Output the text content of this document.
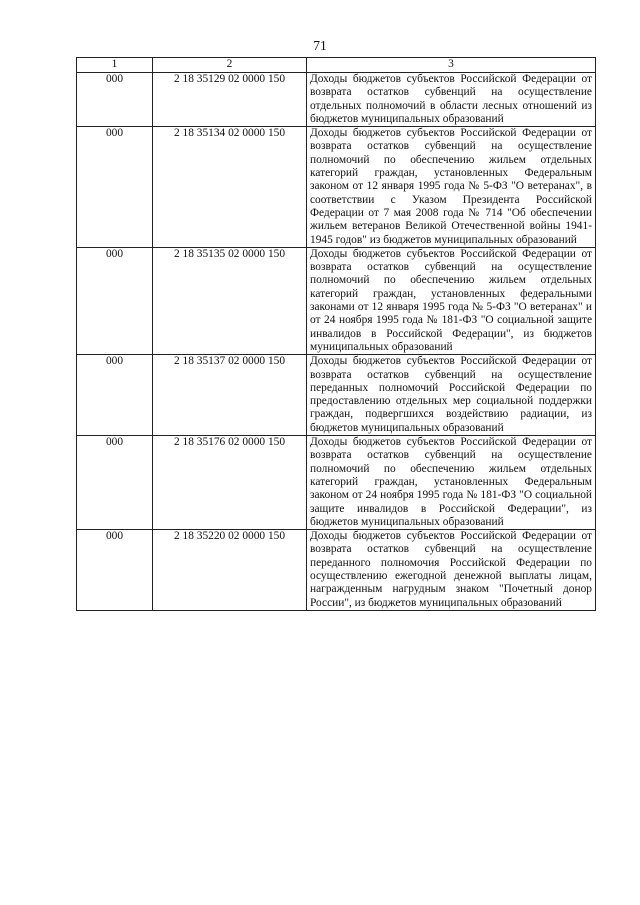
71
1	2	3
000	2 18 35129 02 0000 150	Доходы бюджетов субъектов Российской Федерации от возврата остатков субвенций на осуществление отдельных полномочий в области лесных отношений из бюджетов муниципальных образований
000	2 18 35134 02 0000 150	Доходы бюджетов субъектов Российской Федерации от возврата остатков субвенций на осуществление полномочий по обеспечению жильем отдельных категорий граждан, установленных Федеральным законом от 12 января 1995 года № 5-ФЗ "О ветеранах", в соответствии с Указом Президента Российской Федерации от 7 мая 2008 года № 714 "Об обеспечении жильем ветеранов Великой Отечественной войны 1941-1945 годов" из бюджетов муниципальных образований
000	2 18 35135 02 0000 150	Доходы бюджетов субъектов Российской Федерации от возврата остатков субвенций на осуществление полномочий по обеспечению жильем отдельных категорий граждан, установленных федеральными законами от 12 января 1995 года № 5-ФЗ "О ветеранах" и от 24 ноября 1995 года № 181-ФЗ "О социальной защите инвалидов в Российской Федерации", из бюджетов муниципальных образований
000	2 18 35137 02 0000 150	Доходы бюджетов субъектов Российской Федерации от возврата остатков субвенций на осуществление переданных полномочий Российской Федерации по предоставлению отдельных мер социальной поддержки граждан, подвергшихся воздействию радиации, из бюджетов муниципальных образований
000	2 18 35176 02 0000 150	Доходы бюджетов субъектов Российской Федерации от возврата остатков субвенций на осуществление полномочий по обеспечению жильем отдельных категорий граждан, установленных Федеральным законом от 24 ноября 1995 года № 181-ФЗ "О социальной защите инвалидов в Российской Федерации", из бюджетов муниципальных образований
000	2 18 35220 02 0000 150	Доходы бюджетов субъектов Российской Федерации от возврата остатков субвенций на осуществление переданного полномочия Российской Федерации по осуществлению ежегодной денежной выплаты лицам, награжденным нагрудным знаком "Почетный донор России", из бюджетов муниципальных образований
